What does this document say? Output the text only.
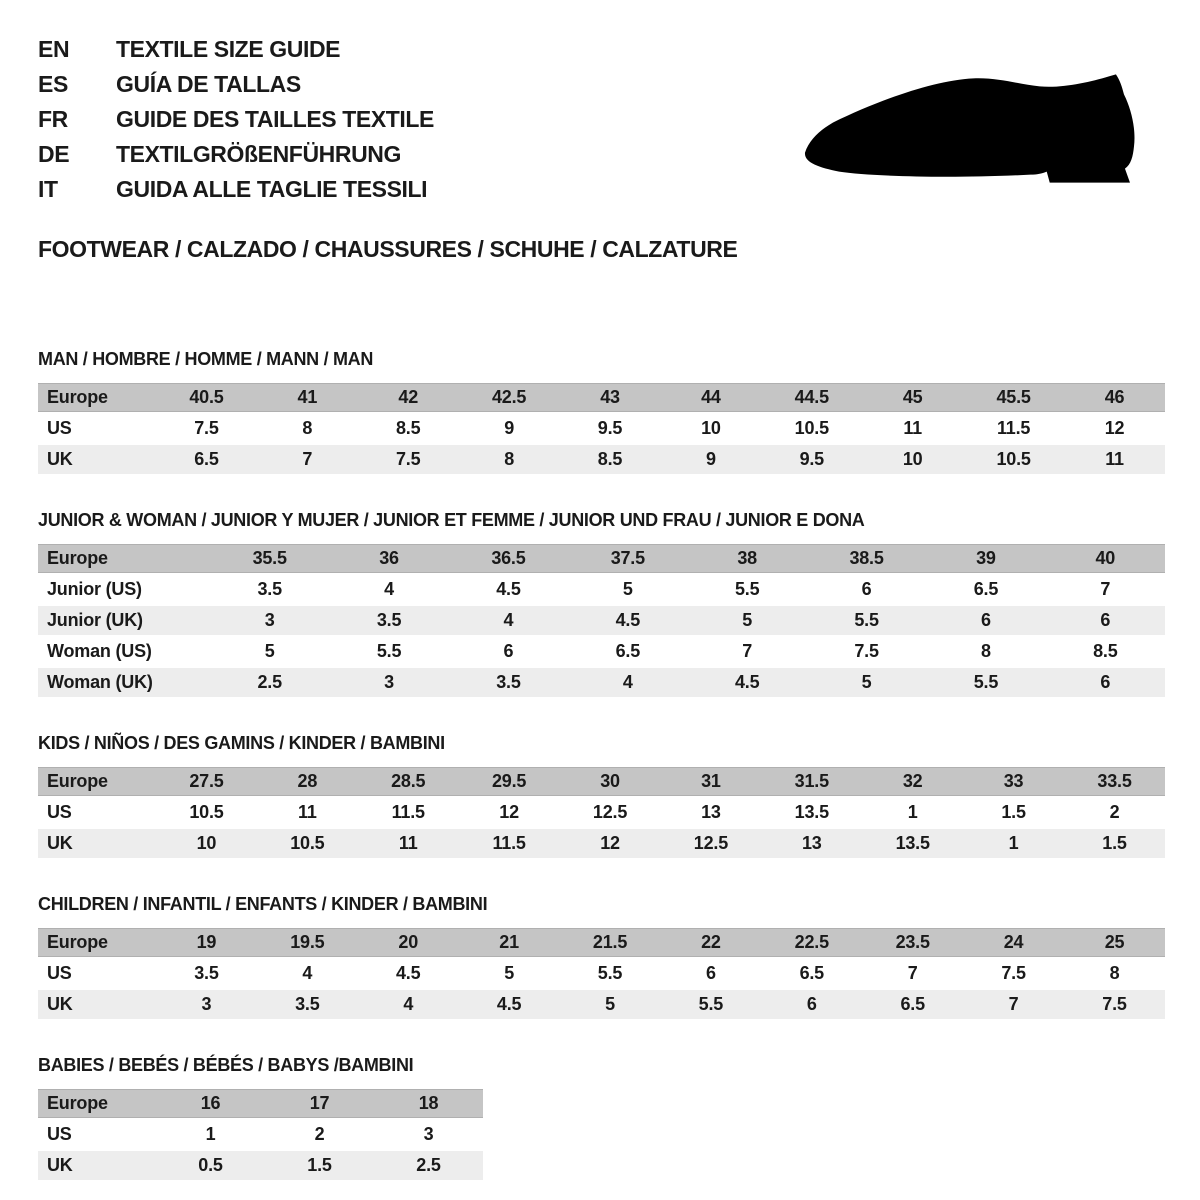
EN TEXTILE SIZE GUIDE
ES GUÍA DE TALLAS
FR GUIDE DES TAILLES TEXTILE
DE TEXTILGRÖßENFÜHRUNG
IT	GUIDA ALLE TAGLIE TESSILI
FOOTWEAR / CALZADO / CHAUSSURES / SCHUHE / CALZATURE
MAN / HOMBRE / HOMME / MANN / MAN
Europe	40.5	41	42	42.5	43	44	44.5	45	45.5	46
US	7.5	8	8.5	9	9.5	10	10.5	11	11.5	12
UK	6.5	7	7.5	8	8.5	9	9.5	10	10.5	11
JUNIOR & WOMAN / JUNIOR Y MUJER / JUNIOR ET FEMME / JUNIOR UND FRAU / JUNIOR E DONA
Europe	35.5	36	36.5	37.5	38	38.5	39	40
Junior (US)	3.5	4	4.5	5	5.5	6	6.5	7
Junior (UK)	3	3.5	4	4.5	5	5.5	6	6
Woman (US)	5	5.5	6	6.5	7	7.5	8	8.5
Woman (UK)	2.5	3	3.5	4	4.5	5	5.5	6
KIDS / NIÑOS / DES GAMINS / KINDER / BAMBINI
Europe	27.5	28	28.5	29.5	30	31	31.5	32	33	33.5
US	10.5	11	11.5	12	12.5	13	13.5	1	1.5	2
UK	10	10.5	11	11.5	12	12.5	13	13.5	1	1.5
CHILDREN / INFANTIL / ENFANTS / KINDER / BAMBINI
Europe	19	19.5	20	21	21.5	22	22.5	23.5	24	25
US	3.5	4	4.5	5	5.5	6	6.5	7	7.5	8
UK	3	3.5	4	4.5	5	5.5	6	6.5	7	7.5
BABIES / BEBÉS / BÉBÉS / BABYS /BAMBINI
Europe	16	17	18
US	1	2	3
UK	0.5	1.5	2.5
